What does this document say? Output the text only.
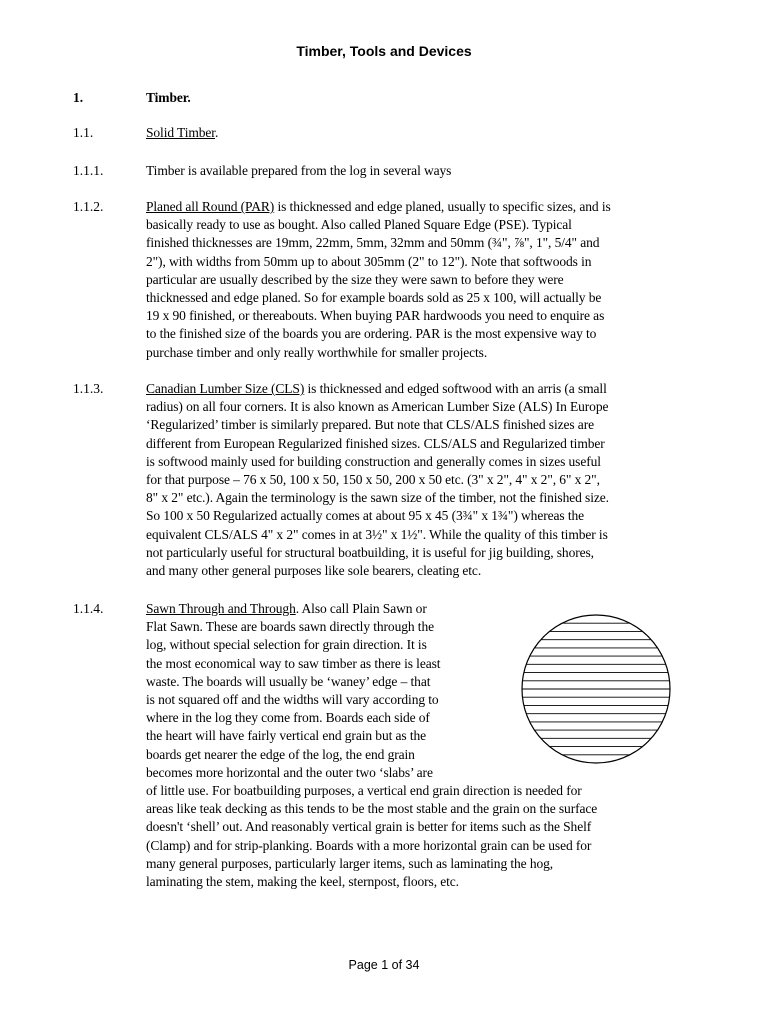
Timber, Tools and Devices
1.	Timber.
1.1.	Solid Timber.
1.1.1.	Timber is available prepared from the log in several ways
1.1.2.	Planed all Round (PAR) is thicknessed and edge planed, usually to specific sizes, and is
basically ready to use as bought. Also called Planed Square Edge (PSE). Typical
finished thicknesses are 19mm, 22mm, 5mm, 32mm and 50mm (¾", ⅞", 1", 5/4" and
2"), with widths from 50mm up to about 305mm (2" to 12"). Note that softwoods in
particular are usually described by the size they were sawn to before they were
thicknessed and edge planed. So for example boards sold as 25 x 100, will actually be
19 x 90 finished, or thereabouts. When buying PAR hardwoods you need to enquire as
to the finished size of the boards you are ordering. PAR is the most expensive way to
purchase timber and only really worthwhile for smaller projects.
1.1.3.	Canadian Lumber Size (CLS) is thicknessed and edged softwood with an arris (a small
radius) on all four corners. It is also known as American Lumber Size (ALS) In Europe
‘Regularized’ timber is similarly prepared. But note that CLS/ALS finished sizes are
different from European Regularized finished sizes. CLS/ALS and Regularized timber
is softwood mainly used for building construction and generally comes in sizes useful
for that purpose – 76 x 50, 100 x 50, 150 x 50, 200 x 50 etc. (3" x 2", 4" x 2", 6" x 2",
8" x 2" etc.). Again the terminology is the sawn size of the timber, not the finished size.
So 100 x 50 Regularized actually comes at about 95 x 45 (3¾" x 1¾") whereas the
equivalent CLS/ALS 4" x 2" comes in at 3½" x 1½". While the quality of this timber is
not particularly useful for structural boatbuilding, it is useful for jig building, shores,
and many other general purposes like sole bearers, cleating etc.
1.1.4.	Sawn Through and Through. Also call Plain Sawn or
Flat Sawn. These are boards sawn directly through the
log, without special selection for grain direction. It is
the most economical way to saw timber as there is least
waste. The boards will usually be ‘waney’ edge – that
is not squared off and the widths will vary according to
where in the log they come from. Boards each side of
the heart will have fairly vertical end grain but as the
boards get nearer the edge of the log, the end grain
becomes more horizontal and the outer two ‘slabs’ are
of little use. For boatbuilding purposes, a vertical end grain direction is needed for
areas like teak decking as this tends to be the most stable and the grain on the surface
doesn't ‘shell’ out. And reasonably vertical grain is better for items such as the Shelf
(Clamp) and for strip-planking. Boards with a more horizontal grain can be used for
many general purposes, particularly larger items, such as laminating the hog,
laminating the stem, making the keel, sternpost, floors, etc.
Page 1 of 34
